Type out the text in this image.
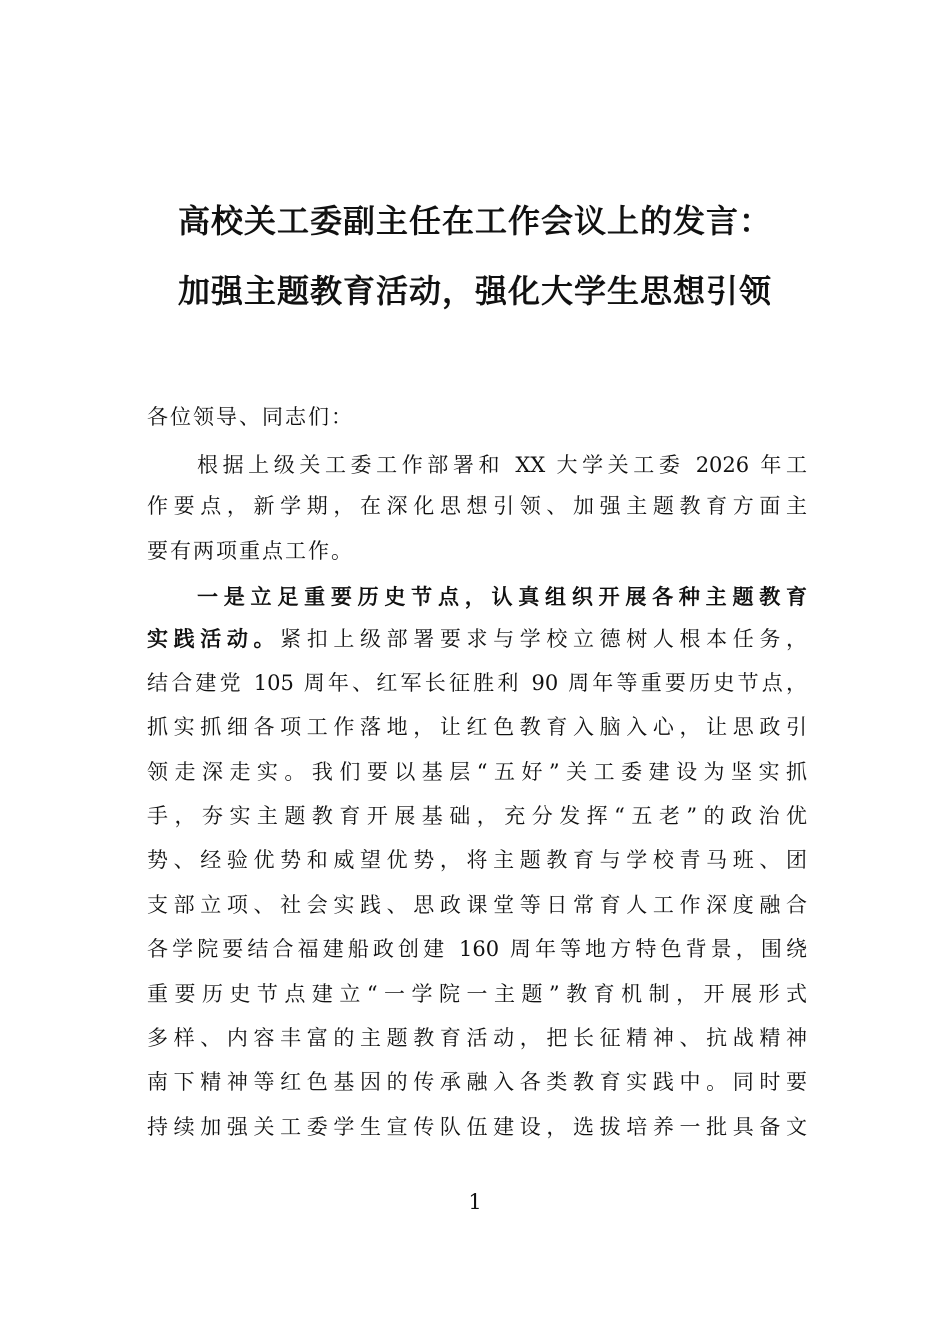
高校关工委副主任在工作会议上的发言：
加强主题教育活动，强化大学生思想引领
各位领导、同志们：
根据上级关工委工作部署和 XX 大学关工委 2026 年工
作要点，新学期，在深化思想引领、加强主题教育方面主
要有两项重点工作。
一是立足重要历史节点，认真组织开展各种主题教育
实践活动。紧扣上级部署要求与学校立德树人根本任务，
结合建党 105 周年、红军长征胜利 90 周年等重要历史节点，
抓实抓细各项工作落地，让红色教育入脑入心，让思政引
领走深走实。我们要以基层“五好”关工委建设为坚实抓
手，夯实主题教育开展基础，充分发挥“五老”的政治优
势、经验优势和威望优势，将主题教育与学校青马班、团
支部立项、社会实践、思政课堂等日常育人工作深度融合
各学院要结合福建船政创建 160 周年等地方特色背景，围绕
重要历史节点建立“一学院一主题”教育机制，开展形式
多样、内容丰富的主题教育活动，把长征精神、抗战精神
南下精神等红色基因的传承融入各类教育实践中。同时要
持续加强关工委学生宣传队伍建设，选拔培养一批具备文
1
